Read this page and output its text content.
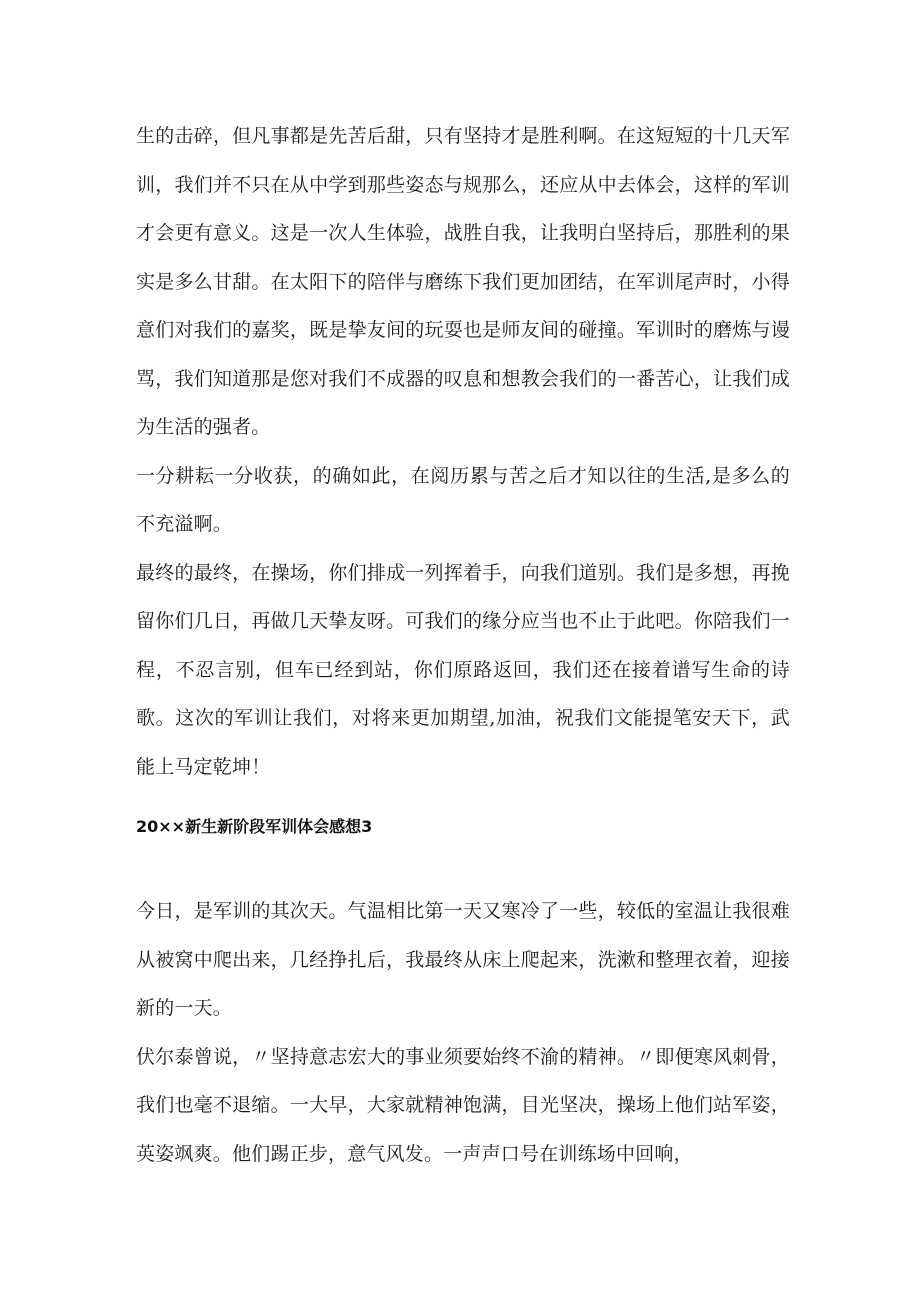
生的击碎，但凡事都是先苦后甜，只有坚持才是胜利啊。在这短短的十几天军训，我们并不只在从中学到那些姿态与规那么，还应从中去体会，这样的军训才会更有意义。这是一次人生体验，战胜自我，让我明白坚持后，那胜利的果实是多么甘甜。在太阳下的陪伴与磨练下我们更加团结，在军训尾声时，小得意们对我们的嘉奖，既是挚友间的玩耍也是师友间的碰撞。军训时的磨炼与谩骂，我们知道那是您对我们不成器的叹息和想教会我们的一番苦心，让我们成为生活的强者。

一分耕耘一分收获，的确如此，在阅历累与苦之后才知以往的生活,是多么的不充溢啊。

最终的最终，在操场，你们排成一列挥着手，向我们道别。我们是多想，再挽留你们几日，再做几天挚友呀。可我们的缘分应当也不止于此吧。你陪我们一程，不忍言别，但车已经到站，你们原路返回，我们还在接着谱写生命的诗歌。这次的军训让我们，对将来更加期望,加油，祝我们文能提笔安天下，武能上马定乾坤！

20××新生新阶段军训体会感想3

今日，是军训的其次天。气温相比第一天又寒冷了一些，较低的室温让我很难从被窝中爬出来，几经挣扎后，我最终从床上爬起来，洗漱和整理衣着，迎接新的一天。

伏尔泰曾说，〃坚持意志宏大的事业须要始终不渝的精神。〃即便寒风刺骨，我们也毫不退缩。一大早，大家就精神饱满，目光坚决，操场上他们站军姿，英姿飒爽。他们踢正步，意气风发。一声声口号在训练场中回响，
